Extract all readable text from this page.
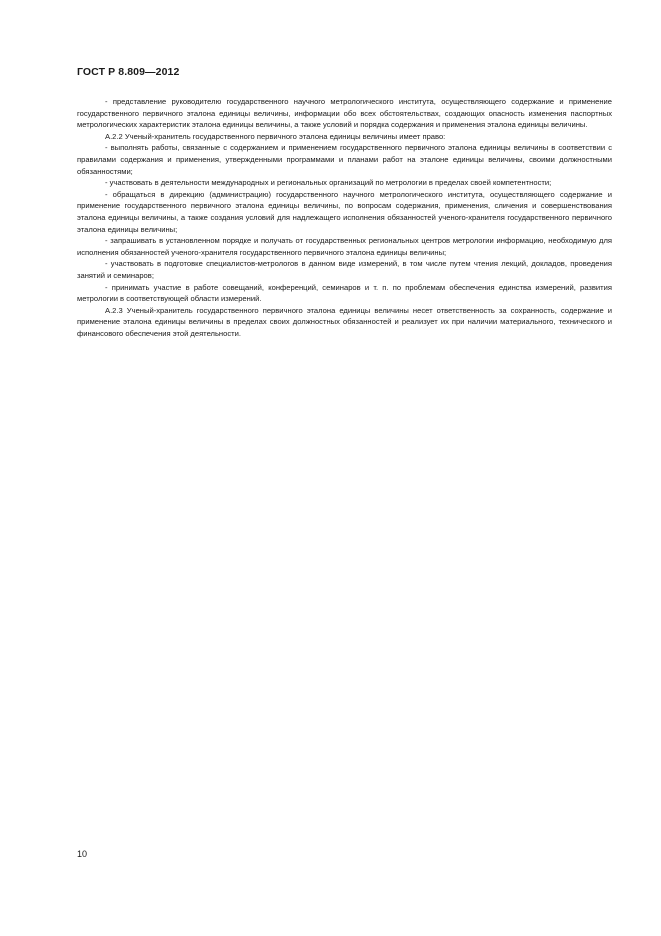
ГОСТ Р 8.809—2012

- представление руководителю государственного научного метрологического института, осуществляющего содержание и применение государственного первичного эталона единицы величины, информации обо всех обстоятельствах, создающих опасность изменения паспортных метрологических характеристик эталона единицы величины, а также условий и порядка содержания и применения эталона единицы величины.

А.2.2 Ученый-хранитель государственного первичного эталона единицы величины имеет право:

- выполнять работы, связанные с содержанием и применением государственного первичного эталона единицы величины в соответствии с правилами содержания и применения, утвержденными программами и планами работ на эталоне единицы величины, своими должностными обязанностями;

- участвовать в деятельности международных и региональных организаций по метрологии в пределах своей компетентности;

- обращаться в дирекцию (администрацию) государственного научного метрологического института, осуществляющего содержание и применение государственного первичного эталона единицы величины, по вопросам содержания, применения, сличения и совершенствования эталона единицы величины, а также создания условий для надлежащего исполнения обязанностей ученого-хранителя государственного первичного эталона единицы величины;

- запрашивать в установленном порядке и получать от государственных региональных центров метрологии информацию, необходимую для исполнения обязанностей ученого-хранителя государственного первичного эталона единицы величины;

- участвовать в подготовке специалистов-метрологов в данном виде измерений, в том числе путем чтения лекций, докладов, проведения занятий и семинаров;

- принимать участие в работе совещаний, конференций, семинаров и т. п. по проблемам обеспечения единства измерений, развития метрологии в соответствующей области измерений.

А.2.3 Ученый-хранитель государственного первичного эталона единицы величины несет ответственность за сохранность, содержание и применение эталона единицы величины в пределах своих должностных обязанностей и реализует их при наличии материального, технического и финансового обеспечения этой деятельности.

10
